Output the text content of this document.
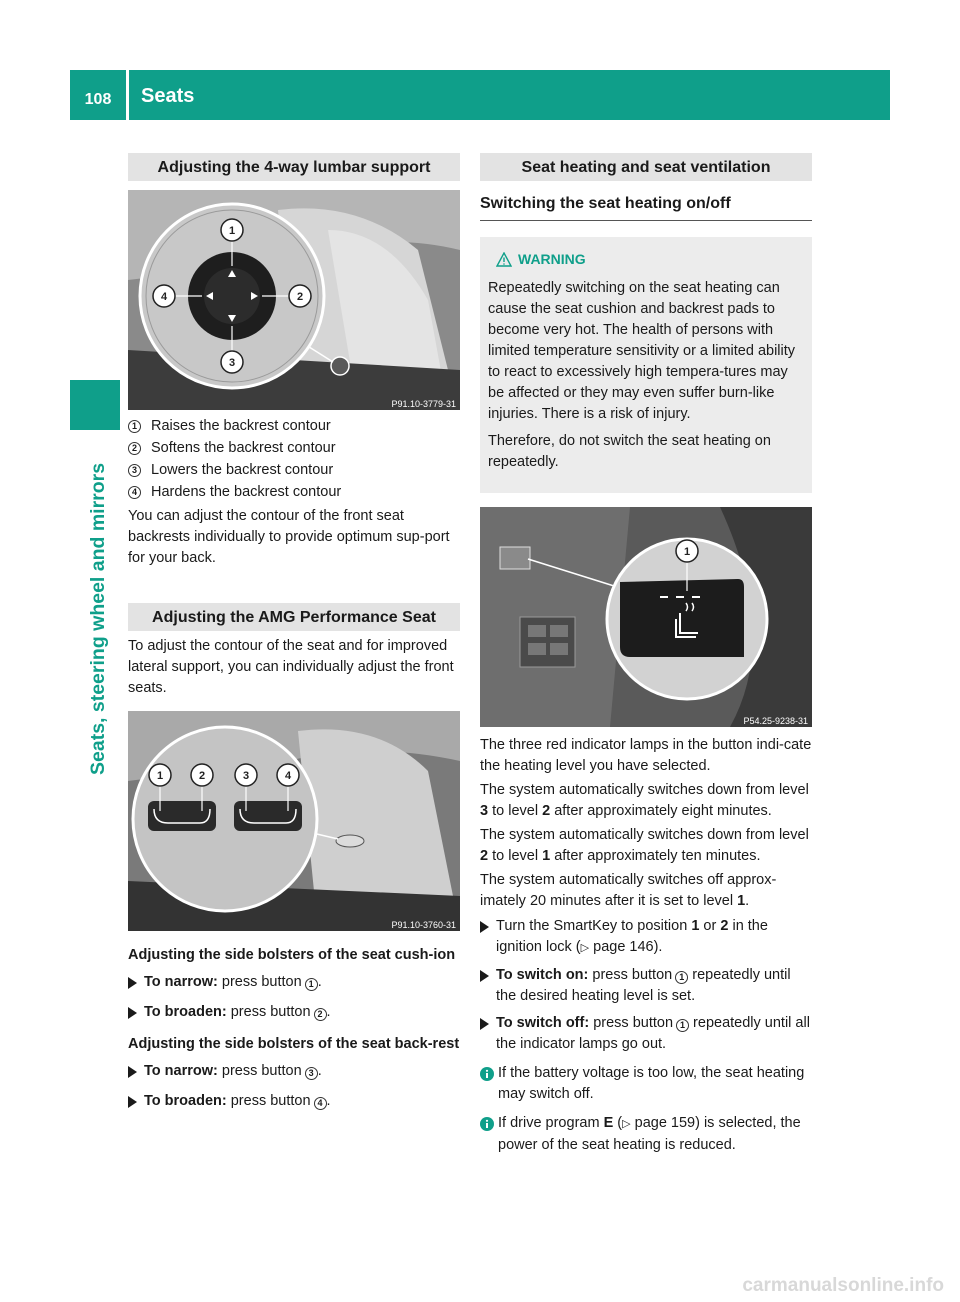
108	Seats
Seats, steering wheel and mirrors
Adjusting the 4-way lumbar support
1
2
3
4
P91.10-3779-31
1 Raises the backrest contour
2 Softens the backrest contour
3 Lowers the backrest contour
4 Hardens the backrest contour

You can adjust the contour of the front seat backrests individually to provide optimum sup-port for your back.

Adjusting the AMG Performance Seat

To adjust the contour of the seat and for improved lateral support, you can individually adjust the front seats.

1	2	3	4
P91.10-3760-31
Adjusting the side bolsters of the seat cush-ion
To narrow: press button 1 .
To broaden: press button 2 .
Adjusting the side bolsters of the seat back-rest
To narrow: press button 3 .
To broaden: press button 4 .
Seat heating and seat ventilation
Switching the seat heating on/off
WARNING

Repeatedly switching on the seat heating can cause the seat cushion and backrest pads to become very hot. The health of persons with limited temperature sensitivity or a limited ability to react to excessively high tempera-tures may be affected or they may even suffer burn-like injuries. There is a risk of injury.

Therefore, do not switch the seat heating on repeatedly.

1
P54.25-9238-31

The three red indicator lamps in the button indi-cate the heating level you have selected.

The system automatically switches down from level 3 to level 2 after approximately eight minutes.

The system automatically switches down from level 2 to level 1 after approximately ten minutes.

The system automatically switches off approx-imately 20 minutes after it is set to level 1.

Turn the SmartKey to position 1 or 2 in the ignition lock (▷ page 146).
To switch on: press button 1 repeatedly until the desired heating level is set.
To switch off: press button 1 repeatedly until all the indicator lamps go out.
If the battery voltage is too low, the seat heating may switch off.
If drive program E (▷ page 159) is selected, the power of the seat heating is reduced.
carmanualsonline.info
